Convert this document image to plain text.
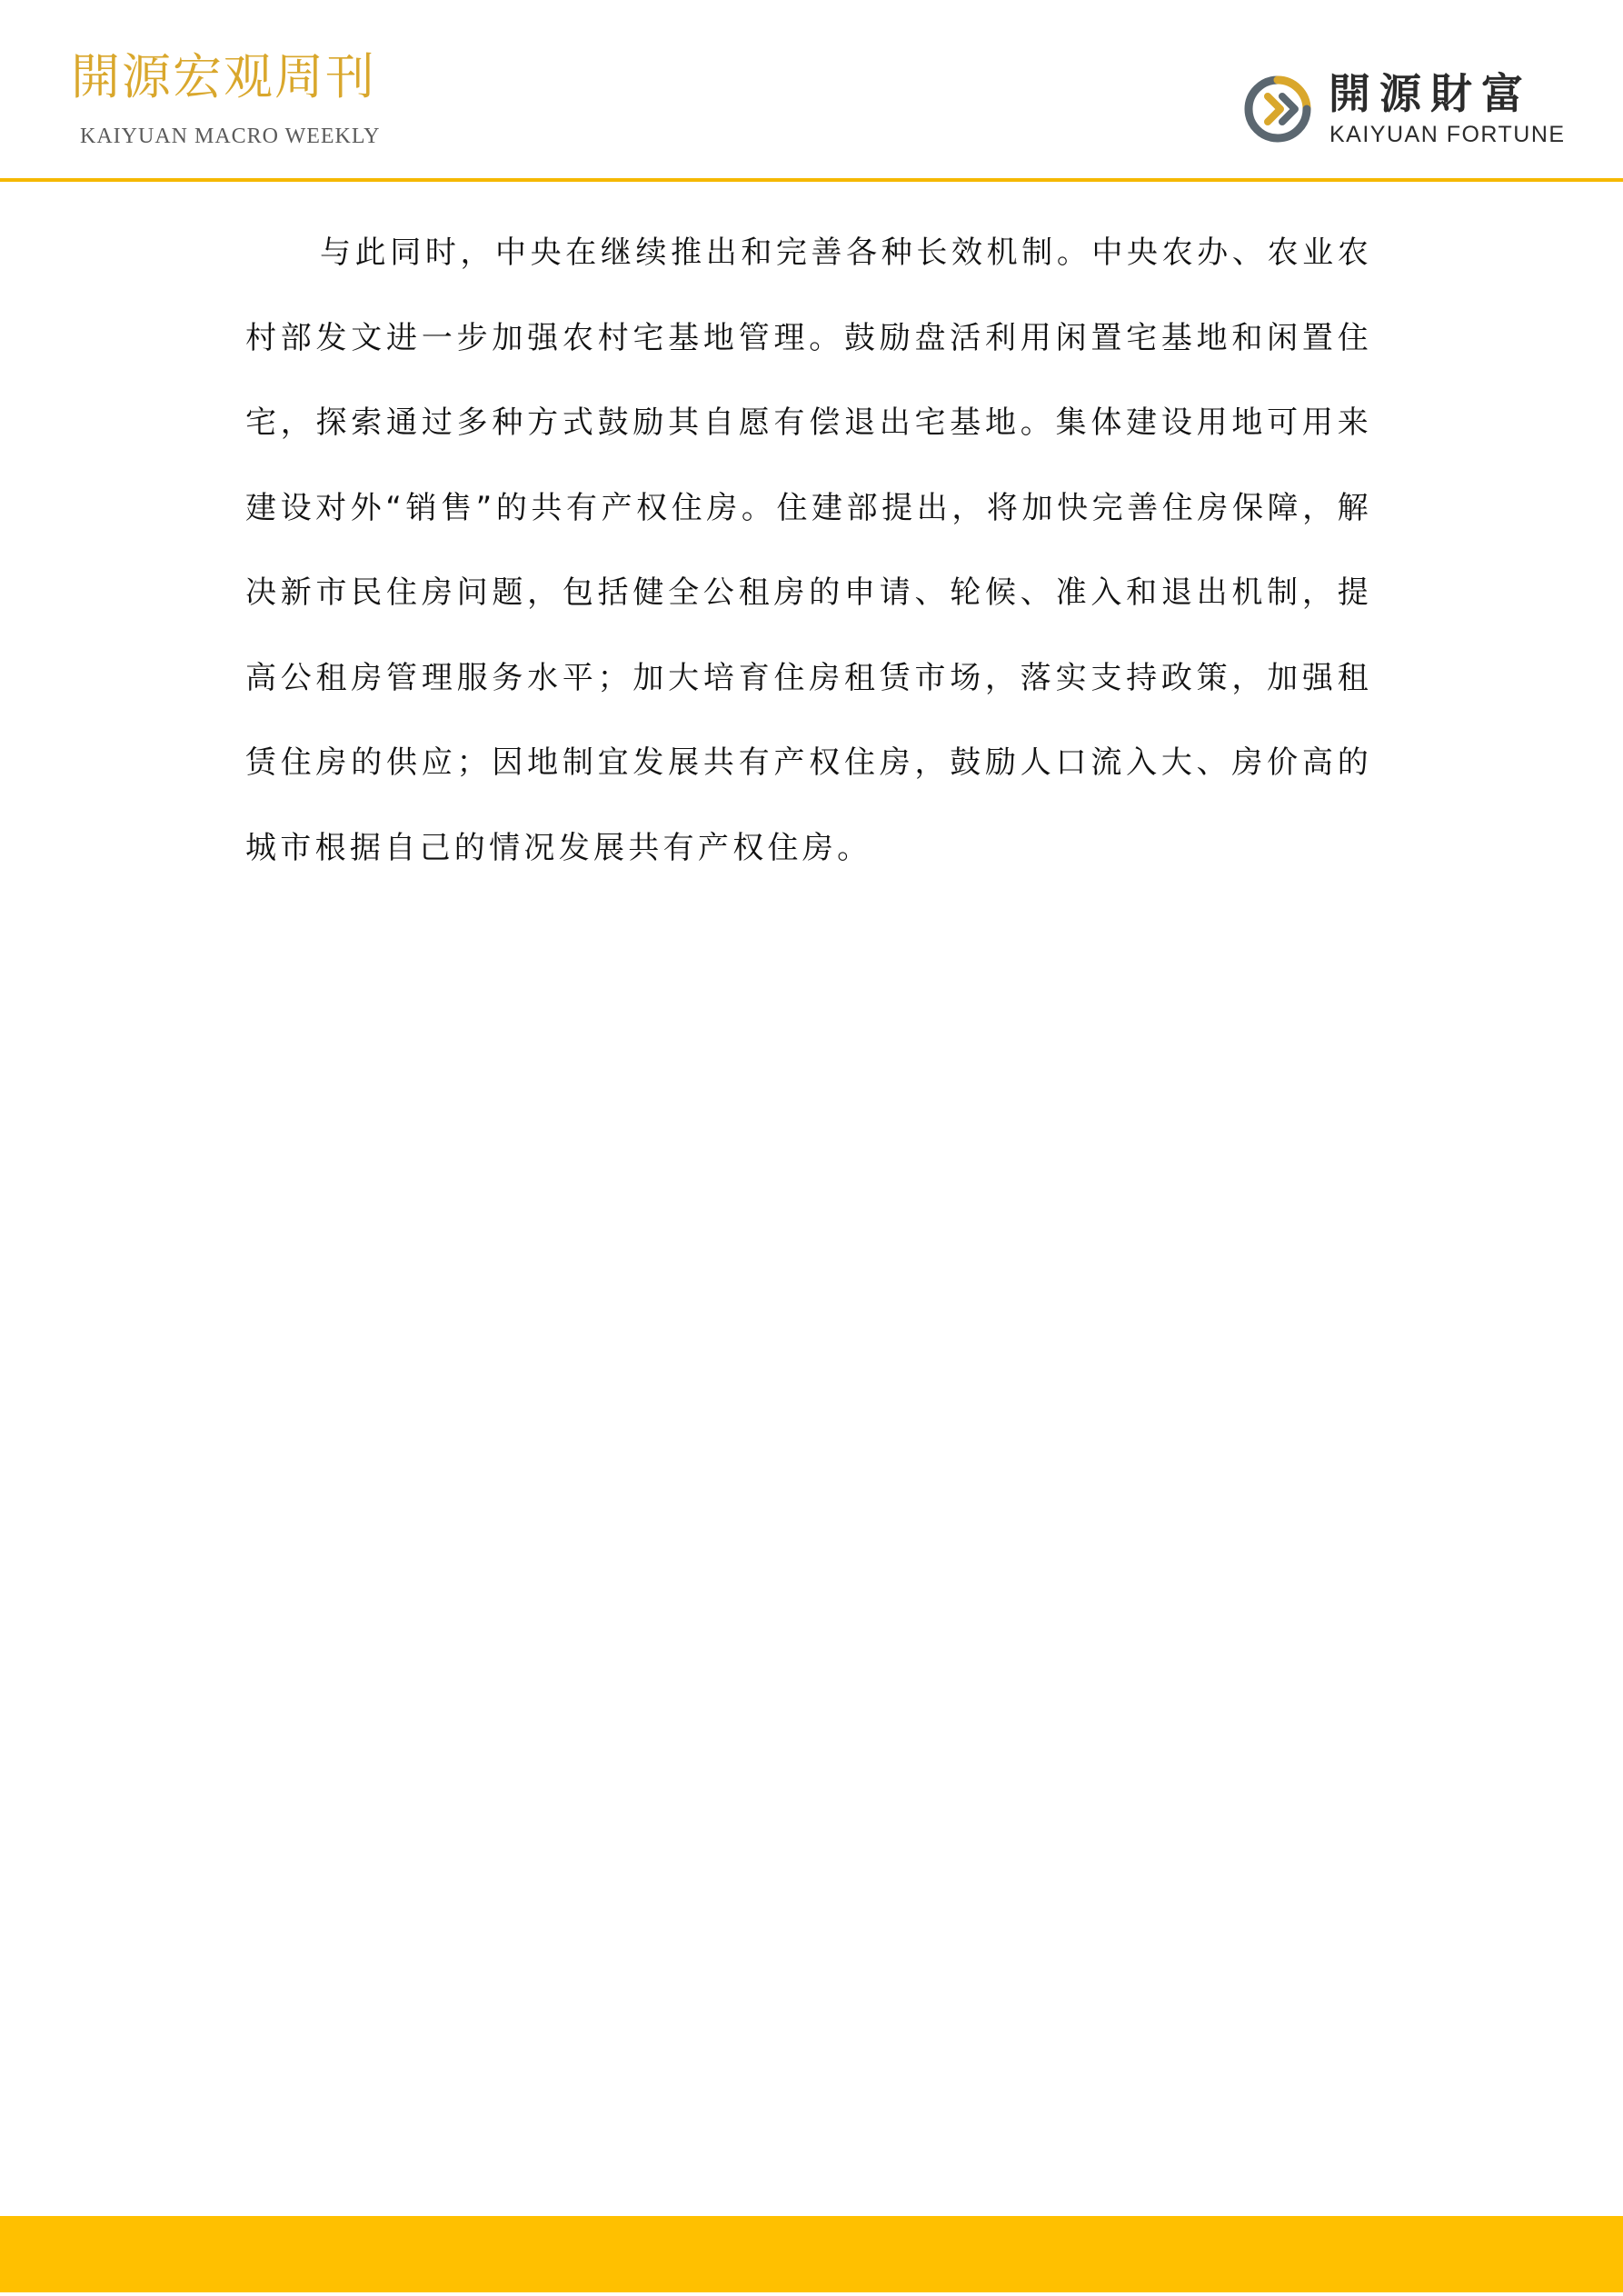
開源宏观周刊
KAIYUAN MACRO WEEKLY
開源財富
KAIYUAN FORTUNE

与此同时，中央在继续推出和完善各种长效机制。中央农办、农业农村部发文进一步加强农村宅基地管理。鼓励盘活利用闲置宅基地和闲置住宅，探索通过多种方式鼓励其自愿有偿退出宅基地。集体建设用地可用来建设对外“销售”的共有产权住房。住建部提出，将加快完善住房保障，解决新市民住房问题，包括健全公租房的申请、轮候、准入和退出机制，提高公租房管理服务水平；加大培育住房租赁市场，落实支持政策，加强租赁住房的供应；因地制宜发展共有产权住房，鼓励人口流入大、房价高的城市根据自己的情况发展共有产权住房。
